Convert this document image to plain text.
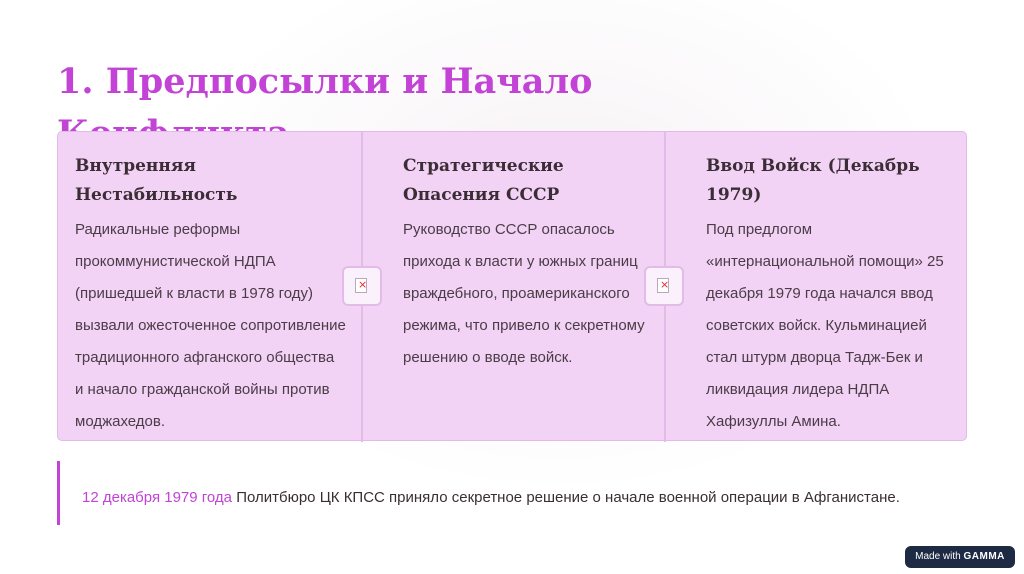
1. Предпосылки и Начало
Внутренняя Нестабильность
Радикальные реформы прокоммунистической НДПА (пришедшей к власти в 1978 году) вызвали ожесточенное сопротивление традиционного афганского общества и начало гражданской войны против моджахедов.
Стратегические Опасения СССР
Руководство СССР опасалось прихода к власти у южных границ враждебного, проамериканского режима, что привело к секретному решению о вводе войск.
Ввод Войск (Декабрь 1979)
Под предлогом «интернациональной помощи» 25 декабря 1979 года начался ввод советских войск. Кульминацией стал штурм дворца Тадж-Бек и ликвидация лидера НДПА Хафизуллы Амина.
×
×

12 декабря 1979 года Политбюро ЦК КПСС приняло секретное решение о начале военной операции в Афганистане.

Made with GAMMA
